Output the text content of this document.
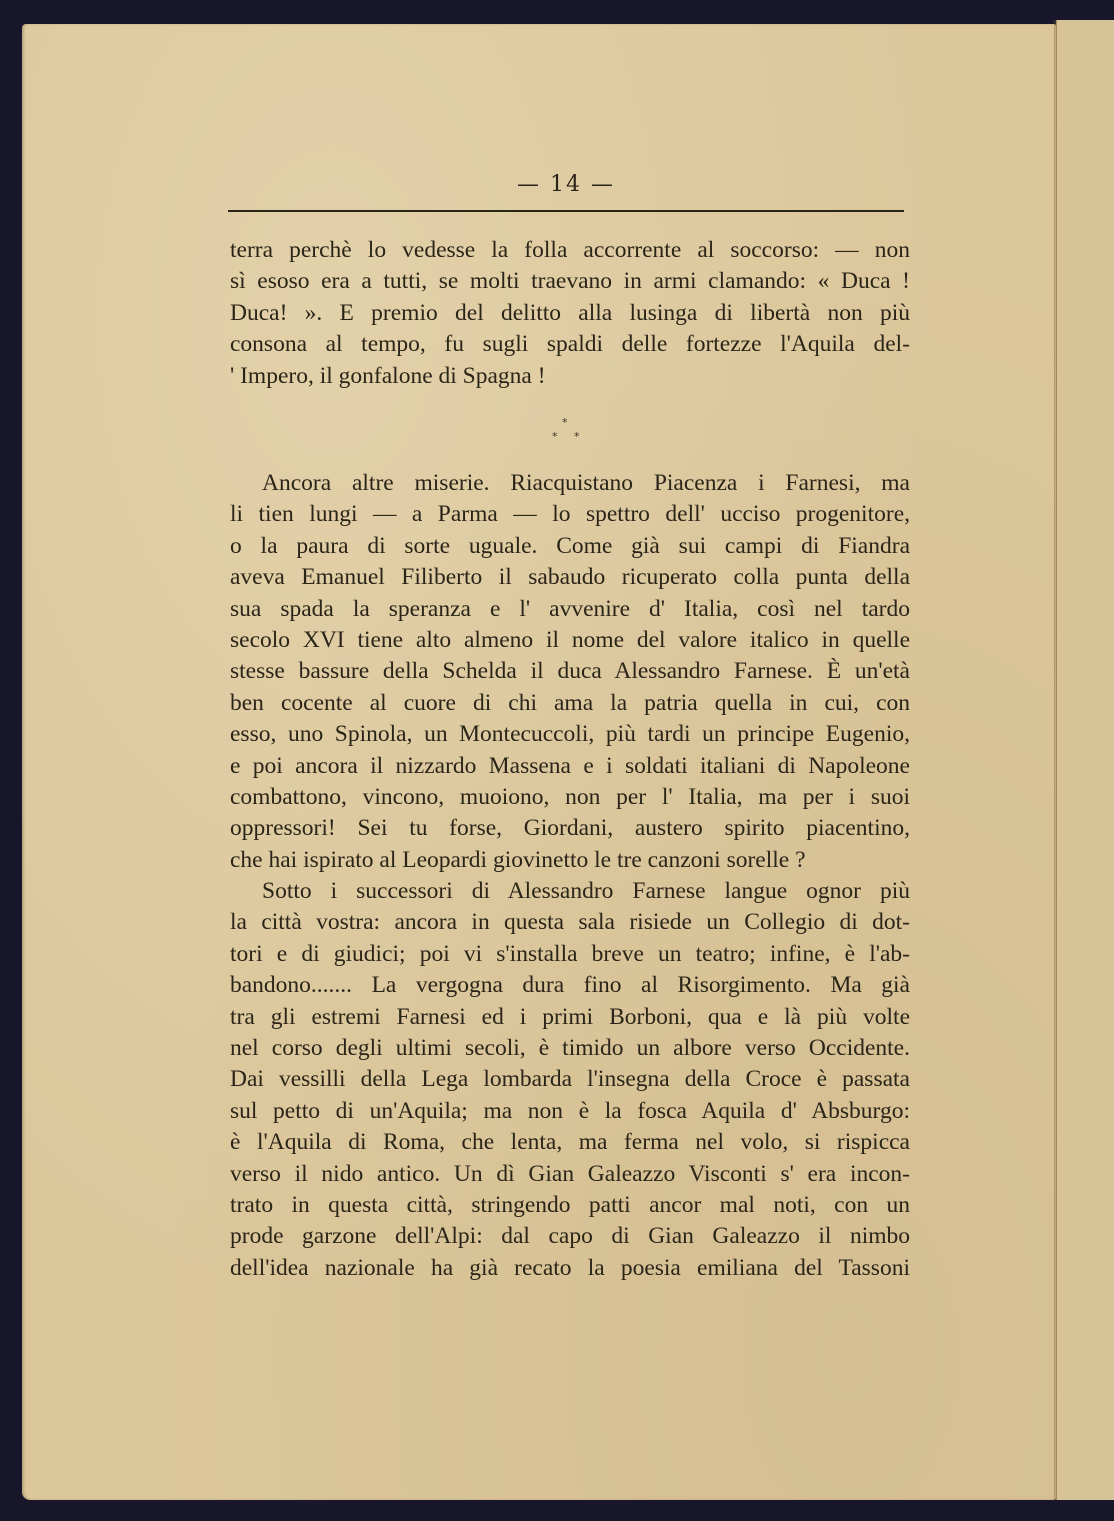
— 14 —
terra perchè lo vedesse la folla accorrente al soccorso: — non
sì esoso era a tutti, se molti traevano in armi clamando: « Duca !
Duca! ». E premio del delitto alla lusinga di libertà non più
consona al tempo, fu sugli spaldi delle fortezze l'Aquila del-
' Impero, il gonfalone di Spagna !
*
* *
Ancora altre miserie. Riacquistano Piacenza i Farnesi, ma
li tien lungi — a Parma — lo spettro dell' ucciso progenitore,
o la paura di sorte uguale. Come già sui campi di Fiandra
aveva Emanuel Filiberto il sabaudo ricuperato colla punta della
sua spada la speranza e l' avvenire d' Italia, così nel tardo
secolo XVI tiene alto almeno il nome del valore italico in quelle
stesse bassure della Schelda il duca Alessandro Farnese. È un'età
ben cocente al cuore di chi ama la patria quella in cui, con
esso, uno Spinola, un Montecuccoli, più tardi un principe Eugenio,
e poi ancora il nizzardo Massena e i soldati italiani di Napoleone
combattono, vincono, muoiono, non per l' Italia, ma per i suoi
oppressori! Sei tu forse, Giordani, austero spirito piacentino,
che hai ispirato al Leopardi giovinetto le tre canzoni sorelle ?
Sotto i successori di Alessandro Farnese langue ognor più
la città vostra: ancora in questa sala risiede un Collegio di dot-
tori e di giudici; poi vi s'installa breve un teatro; infine, è l'ab-
bandono....... La vergogna dura fino al Risorgimento. Ma già
tra gli estremi Farnesi ed i primi Borboni, qua e là più volte
nel corso degli ultimi secoli, è timido un albore verso Occidente.
Dai vessilli della Lega lombarda l'insegna della Croce è passata
sul petto di un'Aquila; ma non è la fosca Aquila d' Absburgo:
è l'Aquila di Roma, che lenta, ma ferma nel volo, si rispicca
verso il nido antico. Un dì Gian Galeazzo Visconti s' era incon-
trato in questa città, stringendo patti ancor mal noti, con un
prode garzone dell'Alpi: dal capo di Gian Galeazzo il nimbo
dell'idea nazionale ha già recato la poesia emiliana del Tassoni
